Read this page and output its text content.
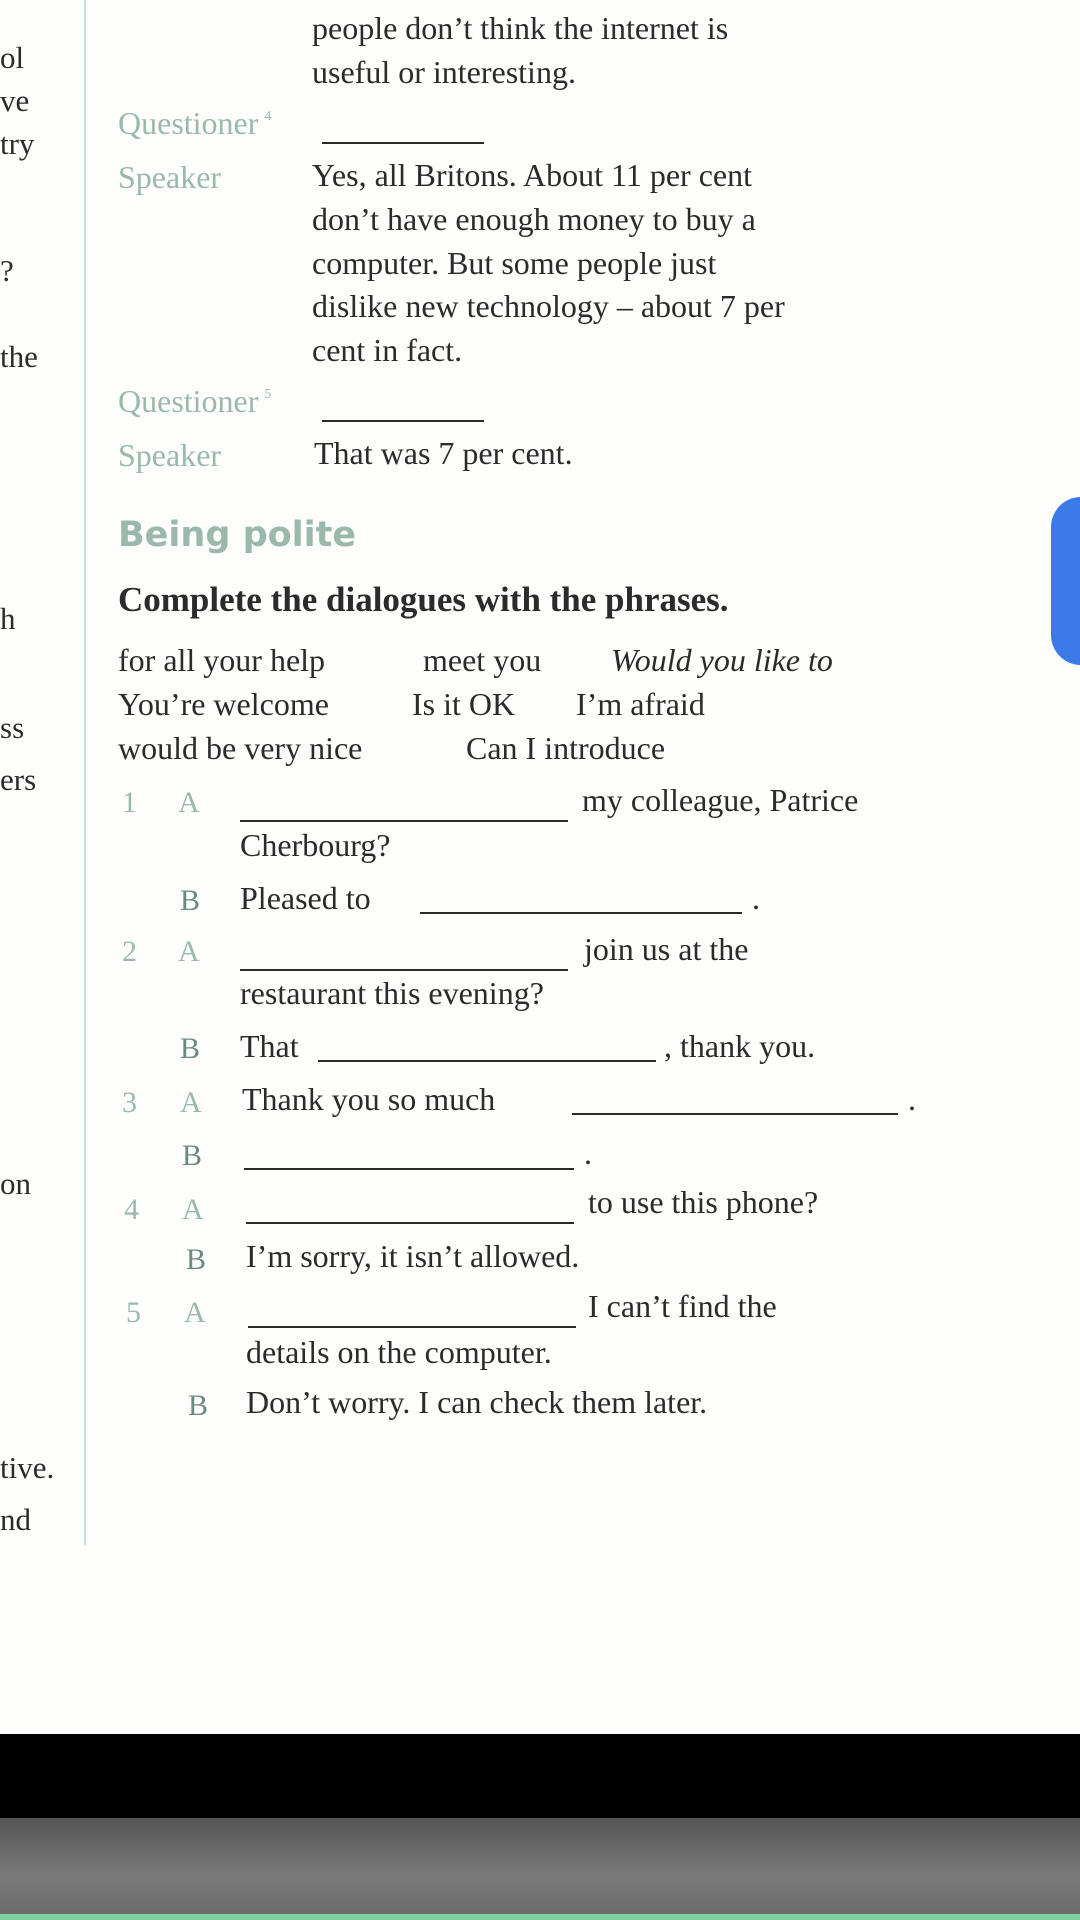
ol
ve
try
?
the
h
ss
ers
on
tive.
nd
people don’t think the internet is
useful or interesting.
Questioner $^4$
Speaker	Yes, all Britons. About 11 per cent
don’t have enough money to buy a
computer. But some people just
dislike new technology – about 7 per
cent in fact.
Questioner $^5$
Speaker	That was 7 per cent.
Being polite
Complete the dialogues with the phrases.
for all your help	meet you Would you like to
You’re welcome	Is it OK I’m afraid
would be very nice	Can I introduce
1 A	my colleague, Patrice
Cherbourg?
B Pleased to	.
2 A	join us at the
restaurant this evening?
B That	, thank you.
3 A Thank you so much	.
B	.
4 A	to use this phone?
B I’m sorry, it isn’t allowed.
5 A	I can’t find the
details on the computer.
B Don’t worry. I can check them later.
